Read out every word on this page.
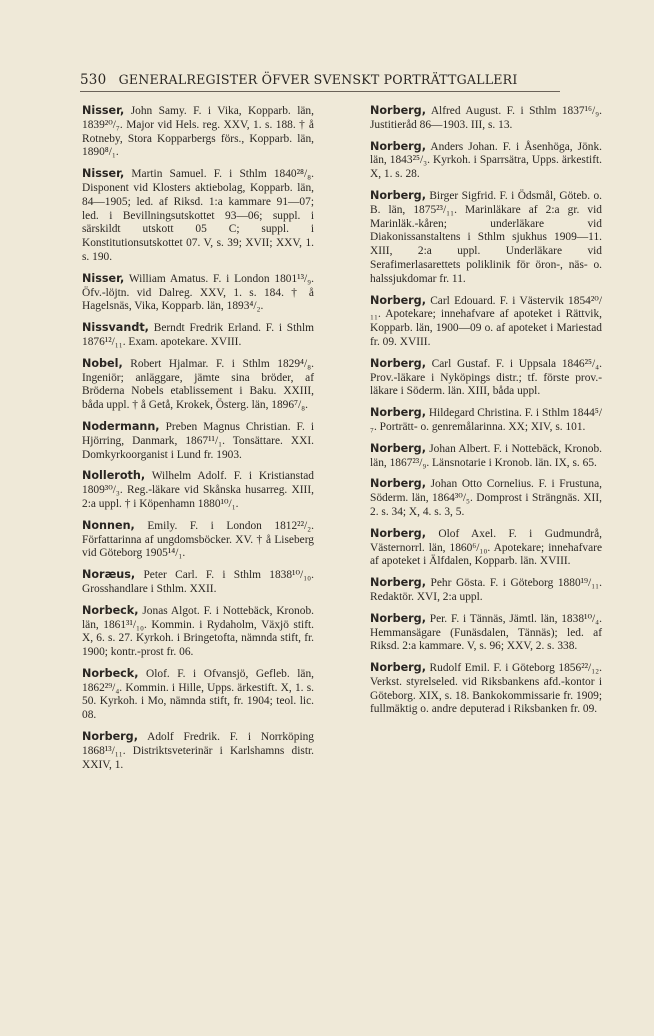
530 GENERALREGISTER ÖFVER SVENSKT PORTRÄTTGALLERI

Nisser, John Samy. F. i Vika, Kopparb. län, 1839²⁰/₇. Major vid Hels. reg. XXV, 1. s. 188. † å Rotneby, Stora Kopparbergs förs., Kopparb. län, 1890⁸/₁.

Nisser, Martin Samuel. F. i Sthlm 1840²⁸/₈. Disponent vid Klosters aktiebolag, Kopparb. län, 84—1905; led. af Riksd. 1:a kammare 91—07; led. i Bevillningsutskottet 93—06; suppl. i särskildt utskott 05 C; suppl. i Konstitutionsutskottet 07. V, s. 39; XVII; XXV, 1. s. 190.

Nisser, William Amatus. F. i London 1801¹³/₉. Öfv.-löjtn. vid Dalreg. XXV, 1. s. 184. † å Hagelsnäs, Vika, Kopparb. län, 1893⁴/₂.

Nissvandt, Berndt Fredrik Erland. F. i Sthlm 1876¹²/₁₁. Exam. apotekare. XVIII.

Nobel, Robert Hjalmar. F. i Sthlm 1829⁴/₈. Ingeniör; anläggare, jämte sina bröder, af Bröderna Nobels etablissement i Baku. XXIII, båda uppl. † å Getå, Krokek, Österg. län, 1896⁷/₈.

Nodermann, Preben Magnus Christian. F. i Hjörring, Danmark, 1867¹¹/₁. Tonsättare. XXI. Domkyrkoorganist i Lund fr. 1903.

Nolleroth, Wilhelm Adolf. F. i Kristianstad 1809³⁰/₃. Reg.-läkare vid Skånska husarreg. XIII, 2:a uppl. † i Köpenhamn 1880¹⁰/₁.

Nonnen, Emily. F. i London 1812²²/₂. Författarinna af ungdomsböcker. XV. † å Liseberg vid Göteborg 1905¹⁴/₁.

Noræus, Peter Carl. F. i Sthlm 1838¹⁰/₁₀. Grosshandlare i Sthlm. XXII.

Norbeck, Jonas Algot. F. i Nottebäck, Kronob. län, 1861³¹/₁₀. Kommin. i Rydaholm, Växjö stift. X, 6. s. 27. Kyrkoh. i Bringetofta, nämnda stift, fr. 1900; kontr.-prost fr. 06.

Norbeck, Olof. F. i Ofvansjö, Gefleb. län, 1862²⁹/₄. Kommin. i Hille, Upps. ärkestift. X, 1. s. 50. Kyrkoh. i Mo, nämnda stift, fr. 1904; teol. lic. 08.

Norberg, Adolf Fredrik. F. i Norrköping 1868¹³/₁₁. Distriktsveterinär i Karlshamns distr. XXIV, 1.

Norberg, Alfred August. F. i Sthlm 1837¹⁶/₉. Justitieråd 86—1903. III, s. 13.

Norberg, Anders Johan. F. i Åsenhöga, Jönk. län, 1843²⁵/₃. Kyrkoh. i Sparrsätra, Upps. ärkestift. X, 1. s. 28.

Norberg, Birger Sigfrid. F. i Ödsmål, Göteb. o. B. län, 1875²³/₁₁. Marinläkare af 2:a gr. vid Marinläk.-kåren; underläkare vid Diakonissanstaltens i Sthlm sjukhus 1909—11. XIII, 2:a uppl. Underläkare vid Serafimerlasarettets poliklinik för öron-, näs- o. halssjukdomar fr. 11.

Norberg, Carl Edouard. F. i Västervik 1854²⁰/₁₁. Apotekare; innehafvare af apoteket i Rättvik, Kopparb. län, 1900—09 o. af apoteket i Mariestad fr. 09. XVIII.

Norberg, Carl Gustaf. F. i Uppsala 1846²⁵/₄. Prov.-läkare i Nyköpings distr.; tf. förste prov.-läkare i Söderm. län. XIII, båda uppl.

Norberg, Hildegard Christina. F. i Sthlm 1844⁵/₇. Porträtt- o. genremålarinna. XX; XIV, s. 101.

Norberg, Johan Albert. F. i Nottebäck, Kronob. län, 1867²³/₉. Länsnotarie i Kronob. län. IX, s. 65.

Norberg, Johan Otto Cornelius. F. i Frustuna, Söderm. län, 1864³⁰/₅. Domprost i Strängnäs. XII, 2. s. 34; X, 4. s. 3, 5.

Norberg, Olof Axel. F. i Gudmundrå, Västernorrl. län, 1860⁶/₁₀. Apotekare; innehafvare af apoteket i Älfdalen, Kopparb. län. XVIII.

Norberg, Pehr Gösta. F. i Göteborg 1880¹⁹/₁₁. Redaktör. XVI, 2:a uppl.

Norberg, Per. F. i Tännäs, Jämtl. län, 1838¹⁰/₄. Hemmansägare (Funäsdalen, Tännäs); led. af Riksd. 2:a kammare. V, s. 96; XXV, 2. s. 338.

Norberg, Rudolf Emil. F. i Göteborg 1856²²/₁₂. Verkst. styrelseled. vid Riksbankens afd.-kontor i Göteborg. XIX, s. 18. Bankokommissarie fr. 1909; fullmäktig o. andre deputerad i Riksbanken fr. 09.
